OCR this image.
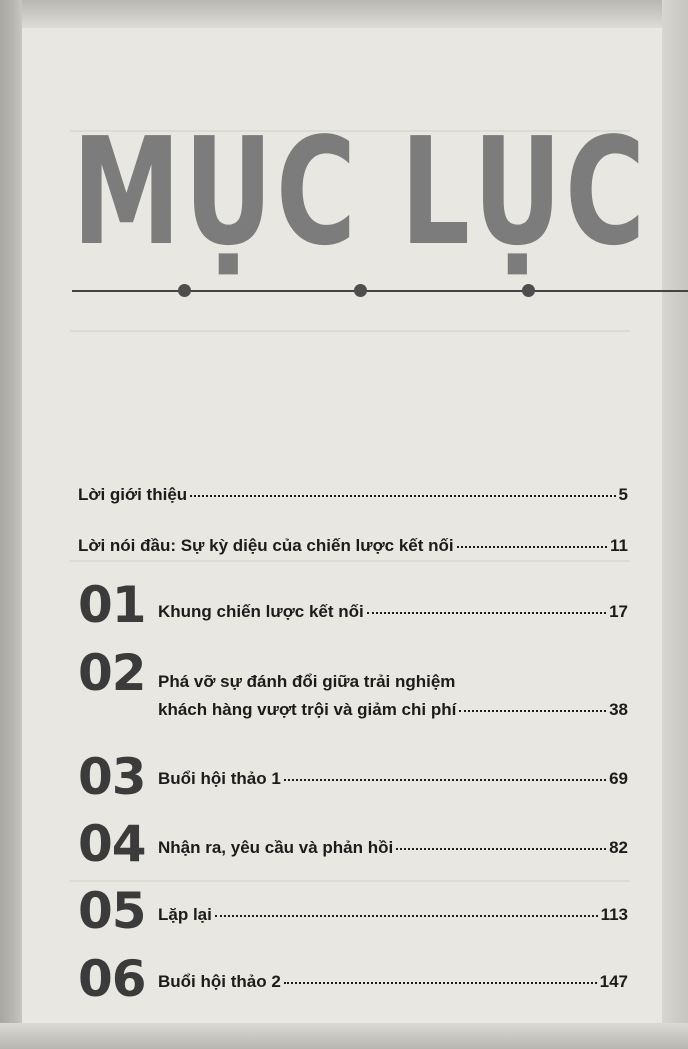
MỤC LỤC
Lời giới thiệu	5
Lời nói đầu: Sự kỳ diệu của chiến lược kết nối	11
01 Khung chiến lược kết nối	17
02 Phá vỡ sự đánh đổi giữa trải nghiệm
khách hàng vượt trội và giảm chi phí	38
03 Buổi hội thảo 1	69
04 Nhận ra, yêu cầu và phản hồi	82
05 Lặp lại	113
06 Buổi hội thảo 2	147
